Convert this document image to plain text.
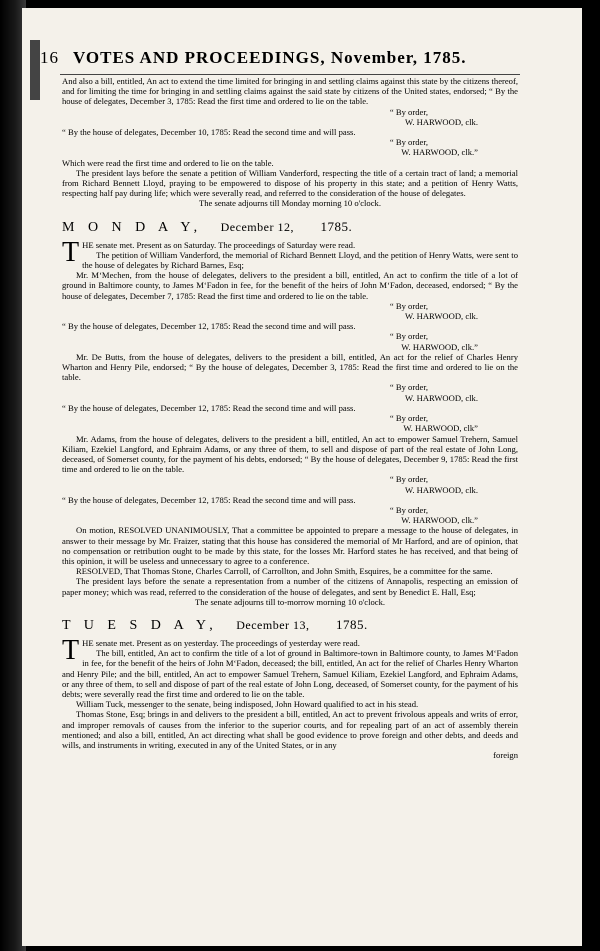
16 VOTES AND PROCEEDINGS, November, 1785.

And also a bill, entitled, An act to extend the time limited for bringing in and settling claims against this state by the citizens thereof, and for limiting the time for bringing in and settling claims against the said state by citizens of the United states, endorsed; “ By the house of delegates, December 3, 1785: Read the first time and ordered to lie on the table.

“ By order,

W. HARWOOD, clk.

“ By the house of delegates, December 10, 1785: Read the second time and will pass.

“ By order,

W. HARWOOD, clk.”

Which were read the first time and ordered to lie on the table.

The president lays before the senate a petition of William Vanderford, respecting the title of a certain tract of land; a memorial from Richard Bennett Lloyd, praying to be empowered to dispose of his property in this state; and a petition of Henry Watts, respecting half pay during life; which were severally read, and referred to the consideration of the house of delegates.

The senate adjourns till Monday morning 10 o'clock.

M O N D A Y, December 12, 1785.

THE senate met. Present as on Saturday. The proceedings of Saturday were read.

The petition of William Vanderford, the memorial of Richard Bennett Lloyd, and the petition of Henry Watts, were sent to the house of delegates by Richard Barnes, Esq;

Mr. M‘Mechen, from the house of delegates, delivers to the president a bill, entitled, An act to confirm the title of a lot of ground in Baltimore county, to James M‘Fadon in fee, for the benefit of the heirs of John M‘Fadon, deceased, endorsed; “ By the house of delegates, December 7, 1785: Read the first time and ordered to lie on the table.

“ By order,

W. HARWOOD, clk.

“ By the house of delegates, December 12, 1785: Read the second time and will pass.

“ By order,

W. HARWOOD, clk.”

Mr. De Butts, from the house of delegates, delivers to the president a bill, entitled, An act for the relief of Charles Henry Wharton and Henry Pile, endorsed; “ By the house of delegates, December 3, 1785: Read the first time and ordered to lie on the table.

“ By order,

W. HARWOOD, clk.

“ By the house of delegates, December 12, 1785: Read the second time and will pass.

“ By order,

W. HARWOOD, clk”

Mr. Adams, from the house of delegates, delivers to the president a bill, entitled, An act to empower Samuel Trehern, Samuel Kiliam, Ezekiel Langford, and Ephraim Adams, or any three of them, to sell and dispose of part of the real estate of John Long, deceased, of Somerset county, for the payment of his debts, endorsed; “ By the house of delegates, December 9, 1785: Read the first time and ordered to lie on the table.

“ By order,

W. HARWOOD, clk.

“ By the house of delegates, December 12, 1785: Read the second time and will pass.

“ By order,

W. HARWOOD, clk.”

On motion, RESOLVED UNANIMOUSLY, That a committee be appointed to prepare a message to the house of delegates, in answer to their message by Mr. Fraizer, stating that this house has considered the memorial of Mr Harford, and are of opinion, that no compensation or retribution ought to be made by this state, for the losses Mr. Harford states he has received, and that being of this opinion, it will be useless and unnecessary to agree to a conference.

RESOLVED, That Thomas Stone, Charles Carroll, of Carrollton, and John Smith, Esquires, be a committee for the same.

The president lays before the senate a representation from a number of the citizens of Annapolis, respecting an emission of paper money; which was read, referred to the consideration of the house of delegates, and sent by Benedict E. Hall, Esq;

The senate adjourns till to-morrow morning 10 o'clock.

T U E S D A Y, December 13, 1785.

THE senate met. Present as on yesterday. The proceedings of yesterday were read.

The bill, entitled, An act to confirm the title of a lot of ground in Baltimore-town in Baltimore county, to James M‘Fadon in fee, for the benefit of the heirs of John M‘Fadon, deceased; the bill, entitled, An act for the relief of Charles Henry Wharton and Henry Pile; and the bill, entitled, An act to empower Samuel Trehern, Samuel Kiliam, Ezekiel Langford, and Ephraim Adams, or any three of them, to sell and dispose of part of the real estate of John Long, deceased, of Somerset county, for the payment of his debts; were severally read the first time and ordered to lie on the table.

William Tuck, messenger to the senate, being indisposed, John Howard qualified to act in his stead.

Thomas Stone, Esq; brings in and delivers to the president a bill, entitled, An act to prevent frivolous appeals and writs of error, and improper removals of causes from the inferior to the superior courts, and for repealing part of an act of assembly therein mentioned; and also a bill, entitled, An act directing what shall be good evidence to prove foreign and other debts, and deeds and wills, and instruments in writing, executed in any of the United States, or in any

foreign
